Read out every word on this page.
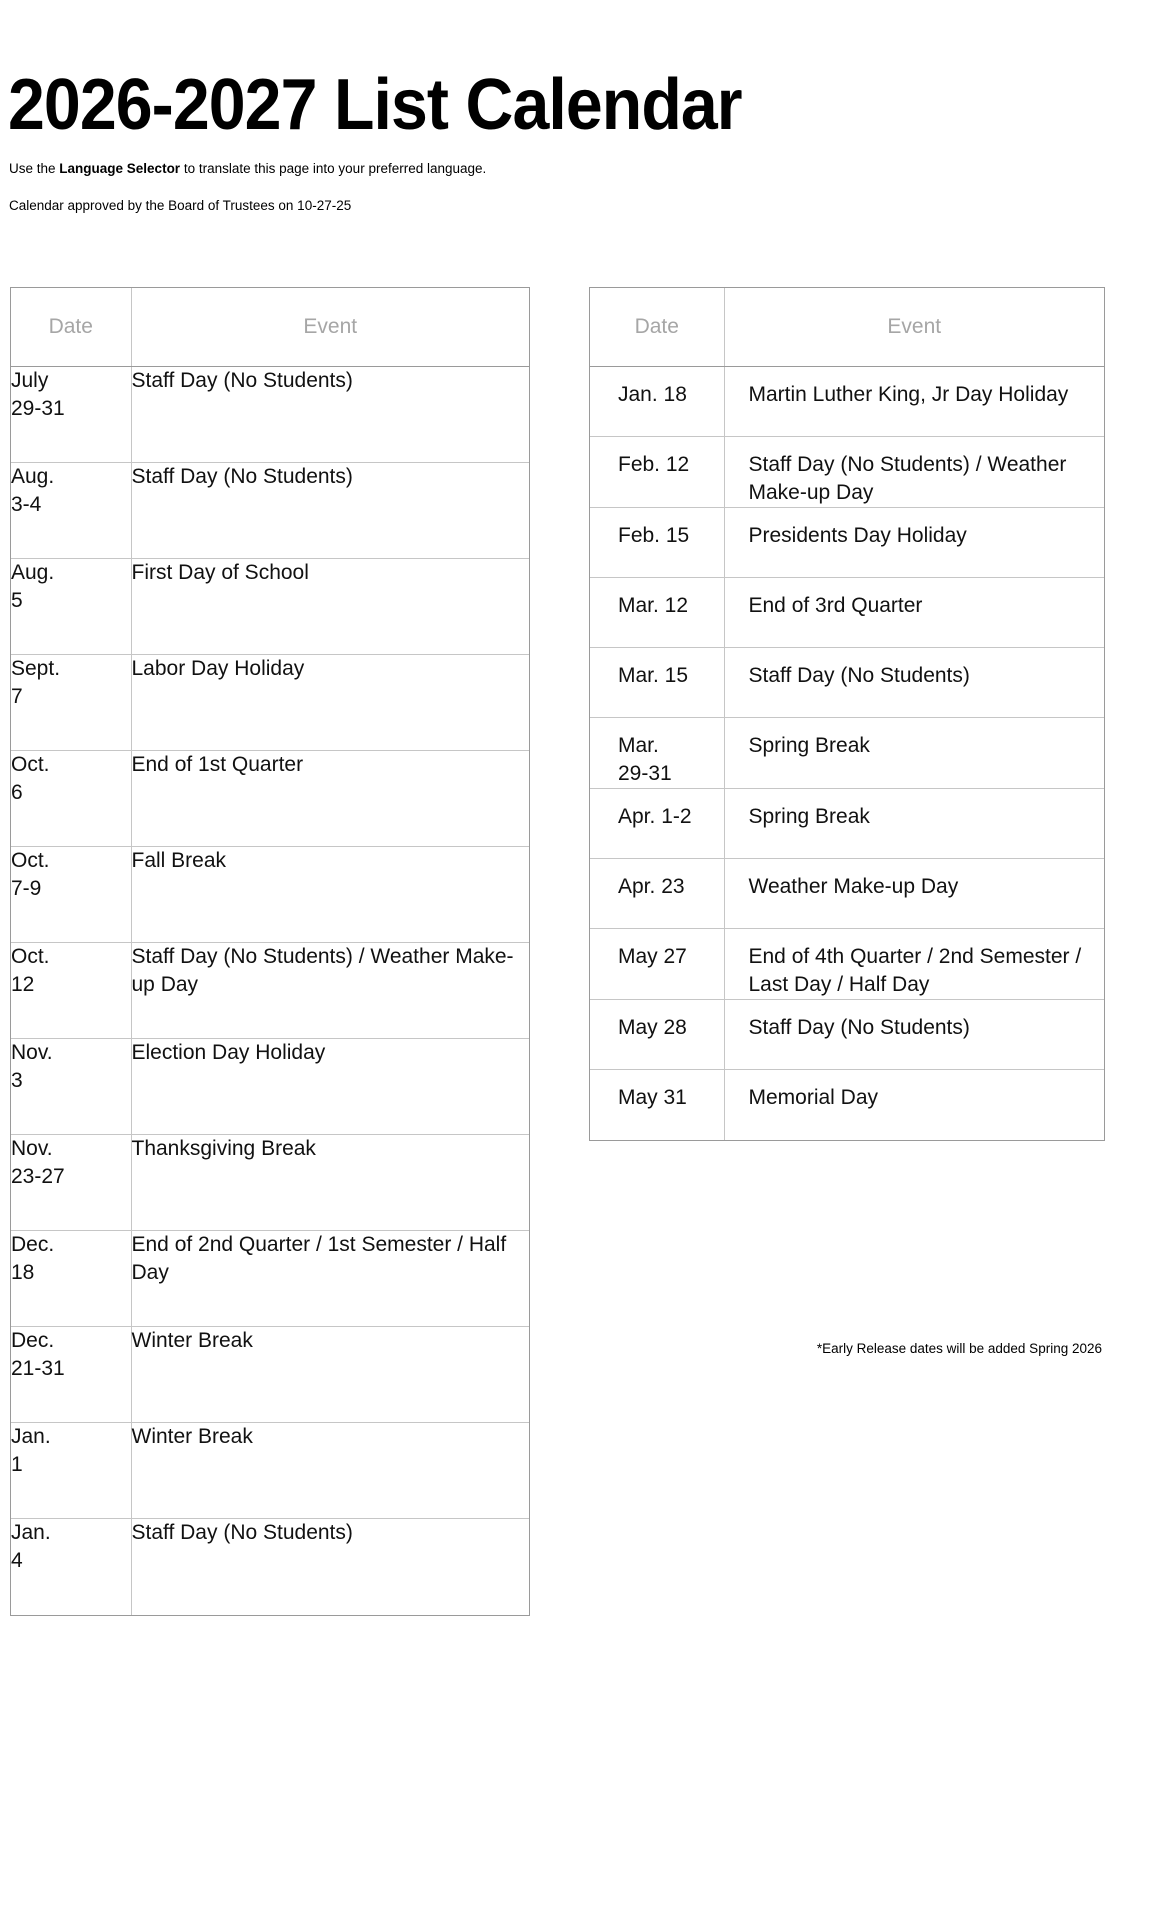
2026-2027 List Calendar
Use the Language Selector to translate this page into your preferred language.
Calendar approved by the Board of Trustees on 10-27-25
Date	Event

July
29-31	Staff Day (No Students)

Aug.
3-4	Staff Day (No Students)

Aug.
5	First Day of School

Sept.
7	Labor Day Holiday

Oct.
6	End of 1st Quarter

Oct.
7-9	Fall Break

Oct.
12	Staff Day (No Students) / Weather Make-up Day

Nov.
3	Election Day Holiday

Nov.
23-27	Thanksgiving Break

Dec.
18	End of 2nd Quarter / 1st Semester / Half Day

Dec.
21-31	Winter Break

Jan.
1	Winter Break

Jan.
4	Staff Day (No Students)
Date	Event

Jan. 18	Martin Luther King, Jr Day Holiday

Feb. 12	Staff Day (No Students) / Weather Make-up Day

Feb. 15	Presidents Day Holiday

Mar. 12	End of 3rd Quarter

Mar. 15	Staff Day (No Students)

Mar.
29-31	Spring Break

Apr. 1-2	Spring Break

Apr. 23	Weather Make-up Day

May 27	End of 4th Quarter / 2nd Semester / Last Day / Half Day

May 28	Staff Day (No Students)

May 31	Memorial Day
*Early Release dates will be added Spring 2026
